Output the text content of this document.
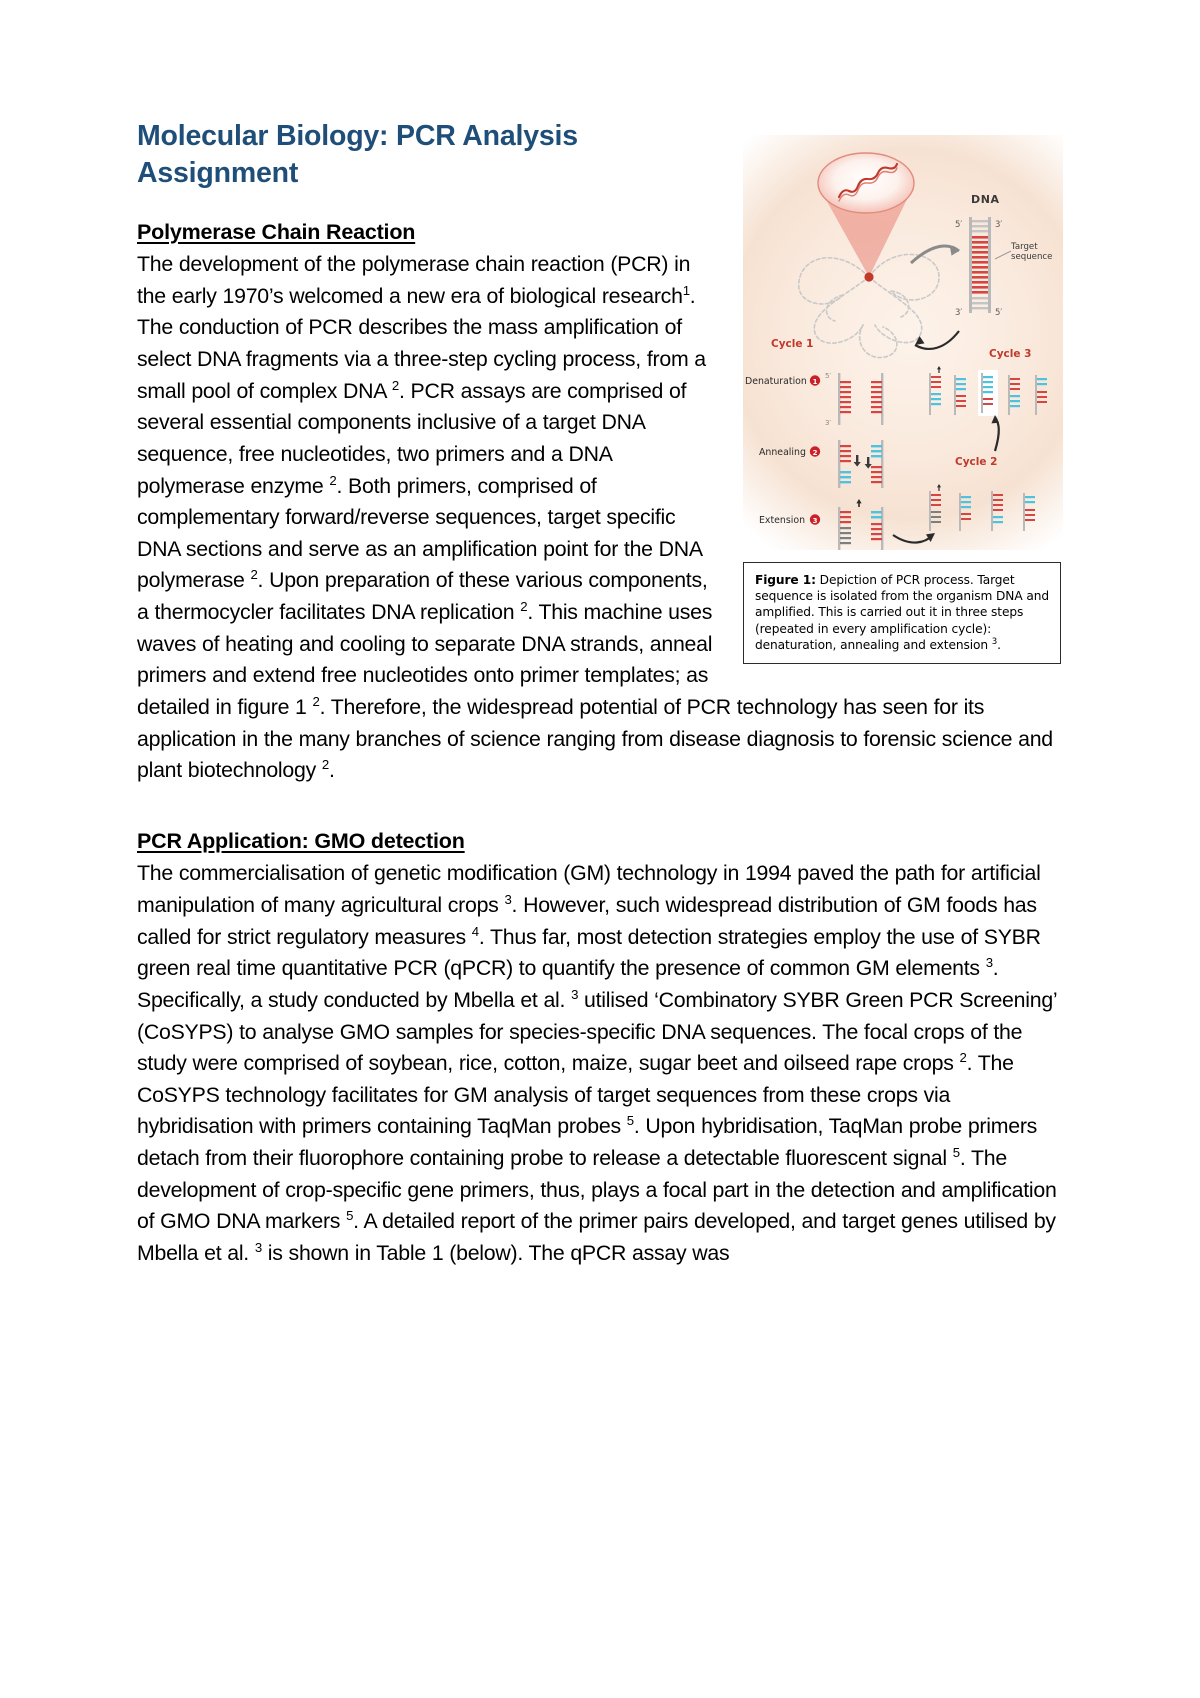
DNA
5′	3′
3′	5′
Target
sequence
Cycle 1
Denaturation 1
Annealing 2
Extension 3
5′
3′
Cycle 3
Cycle 2
Figure 1: Depiction of PCR process. Target sequence is isolated from the organism DNA and amplified. This is carried out it in three steps (repeated in every amplification cycle): denaturation, annealing and extension $^3$.
Molecular Biology: PCR Analysis Assignment
Polymerase Chain Reaction

The development of the polymerase chain reaction (PCR) in the early 1970’s welcomed a new era of biological research$^1$. The conduction of PCR describes the mass amplification of select DNA fragments via a three-step cycling process, from a small pool of complex DNA $^2$. PCR assays are comprised of several essential components inclusive of a target DNA sequence, free nucleotides, two primers and a DNA polymerase enzyme $^2$. Both primers, comprised of complementary forward/reverse sequences, target specific DNA sections and serve as an amplification point for the DNA polymerase $^2$. Upon preparation of these various components, a thermocycler facilitates DNA replication $^2$. This machine uses waves of heating and cooling to separate DNA strands, anneal primers and extend free nucleotides onto primer templates; as detailed in figure 1 $^2$. Therefore, the widespread potential of PCR technology has seen for its application in the many branches of science ranging from disease diagnosis to forensic science and plant biotechnology $^2$.

PCR Application: GMO detection

The commercialisation of genetic modification (GM) technology in 1994 paved the path for artificial manipulation of many agricultural crops $^3$. However, such widespread distribution of GM foods has called for strict regulatory measures $^4$. Thus far, most detection strategies employ the use of SYBR green real time quantitative PCR (qPCR) to quantify the presence of common GM elements $^3$. Specifically, a study conducted by Mbella et al. $^3$ utilised ‘Combinatory SYBR Green PCR Screening’ (CoSYPS) to analyse GMO samples for species-specific DNA sequences. The focal crops of the study were comprised of soybean, rice, cotton, maize, sugar beet and oilseed rape crops $^2$. The CoSYPS technology facilitates for GM analysis of target sequences from these crops via hybridisation with primers containing TaqMan probes $^5$. Upon hybridisation, TaqMan probe primers detach from their fluorophore containing probe to release a detectable fluorescent signal $^5$. The development of crop-specific gene primers, thus, plays a focal part in the detection and amplification of GMO DNA markers $^5$. A detailed report of the primer pairs developed, and target genes utilised by Mbella et al. $^3$ is shown in Table 1 (below). The qPCR assay was
